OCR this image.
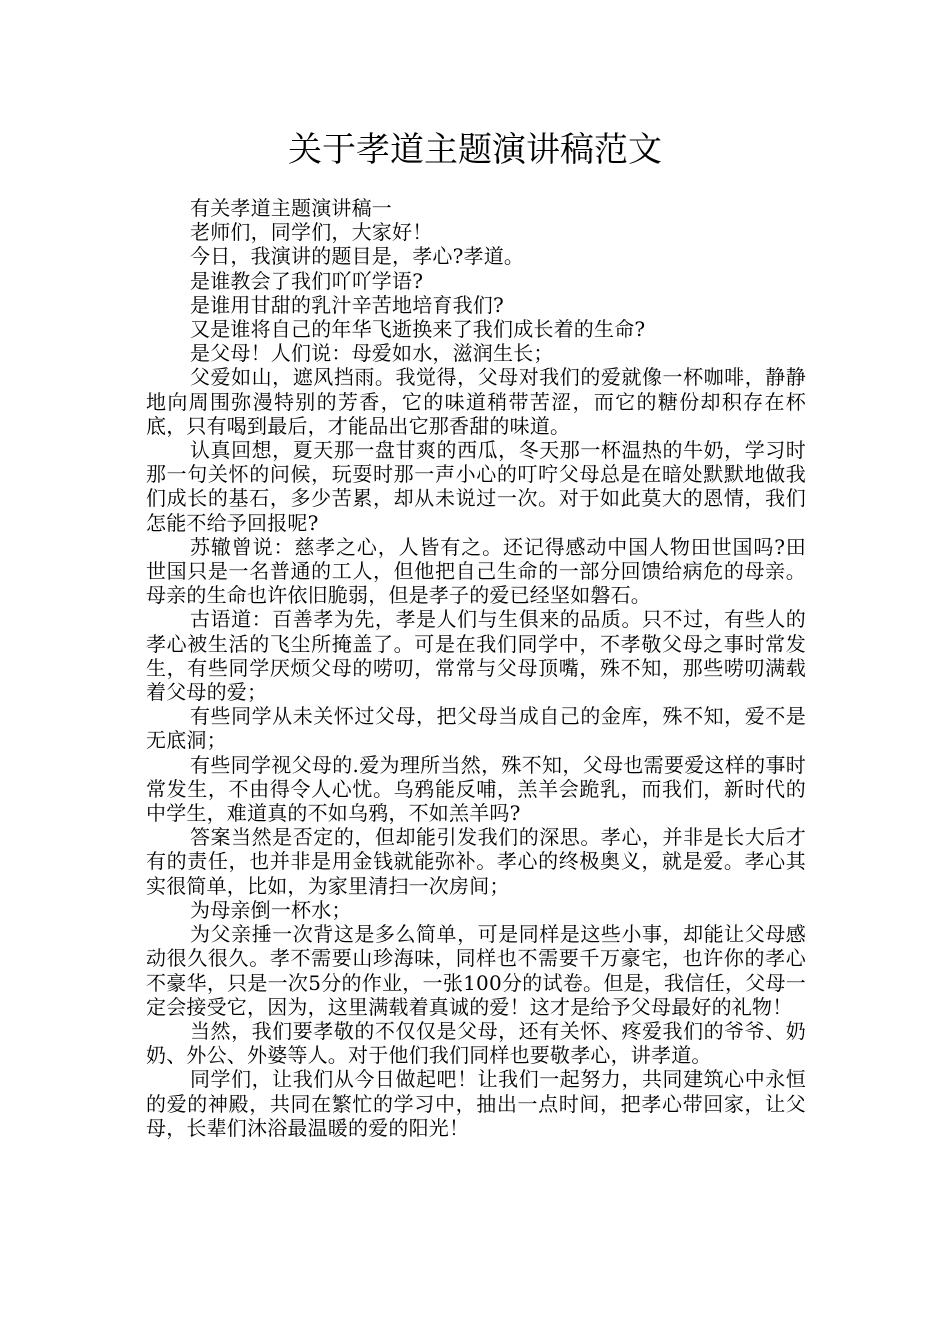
关于孝道主题演讲稿范文

有关孝道主题演讲稿一

老师们，同学们，大家好！

今日，我演讲的题目是，孝心?孝道。

是谁教会了我们吖吖学语?

是谁用甘甜的乳汁辛苦地培育我们?

又是谁将自己的年华飞逝换来了我们成长着的生命?

是父母！人们说：母爱如水，滋润生长；

父爱如山，遮风挡雨。我觉得，父母对我们的爱就像一杯咖啡，静静地向周围弥漫特别的芳香，它的味道稍带苦涩，而它的糖份却积存在杯底，只有喝到最后，才能品出它那香甜的味道。

认真回想，夏天那一盘甘爽的西瓜，冬天那一杯温热的牛奶，学习时那一句关怀的问候，玩耍时那一声小心的叮咛父母总是在暗处默默地做我们成长的基石，多少苦累，却从未说过一次。对于如此莫大的恩情，我们怎能不给予回报呢?

苏辙曾说：慈孝之心，人皆有之。还记得感动中国人物田世国吗?田世国只是一名普通的工人，但他把自己生命的一部分回馈给病危的母亲。母亲的生命也许依旧脆弱，但是孝子的爱已经坚如磐石。

古语道：百善孝为先，孝是人们与生俱来的品质。只不过，有些人的孝心被生活的飞尘所掩盖了。可是在我们同学中，不孝敬父母之事时常发生，有些同学厌烦父母的唠叨，常常与父母顶嘴，殊不知，那些唠叨满载着父母的爱；

有些同学从未关怀过父母，把父母当成自己的金库，殊不知，爱不是无底洞；

有些同学视父母的.爱为理所当然，殊不知，父母也需要爱这样的事时常发生，不由得令人心忧。乌鸦能反哺，羔羊会跪乳，而我们，新时代的中学生，难道真的不如乌鸦，不如羔羊吗?

答案当然是否定的，但却能引发我们的深思。孝心，并非是长大后才有的责任，也并非是用金钱就能弥补。孝心的终极奥义，就是爱。孝心其实很简单，比如，为家里清扫一次房间；

为母亲倒一杯水；

为父亲捶一次背这是多么简单，可是同样是这些小事，却能让父母感动很久很久。孝不需要山珍海味，同样也不需要千万豪宅，也许你的孝心不豪华，只是一次5分的作业，一张100分的试卷。但是，我信任，父母一定会接受它，因为，这里满载着真诚的爱！这才是给予父母最好的礼物！

当然，我们要孝敬的不仅仅是父母，还有关怀、疼爱我们的爷爷、奶奶、外公、外婆等人。对于他们我们同样也要敬孝心，讲孝道。

同学们，让我们从今日做起吧！让我们一起努力，共同建筑心中永恒的爱的神殿，共同在繁忙的学习中，抽出一点时间，把孝心带回家，让父母，长辈们沐浴最温暖的爱的阳光！
